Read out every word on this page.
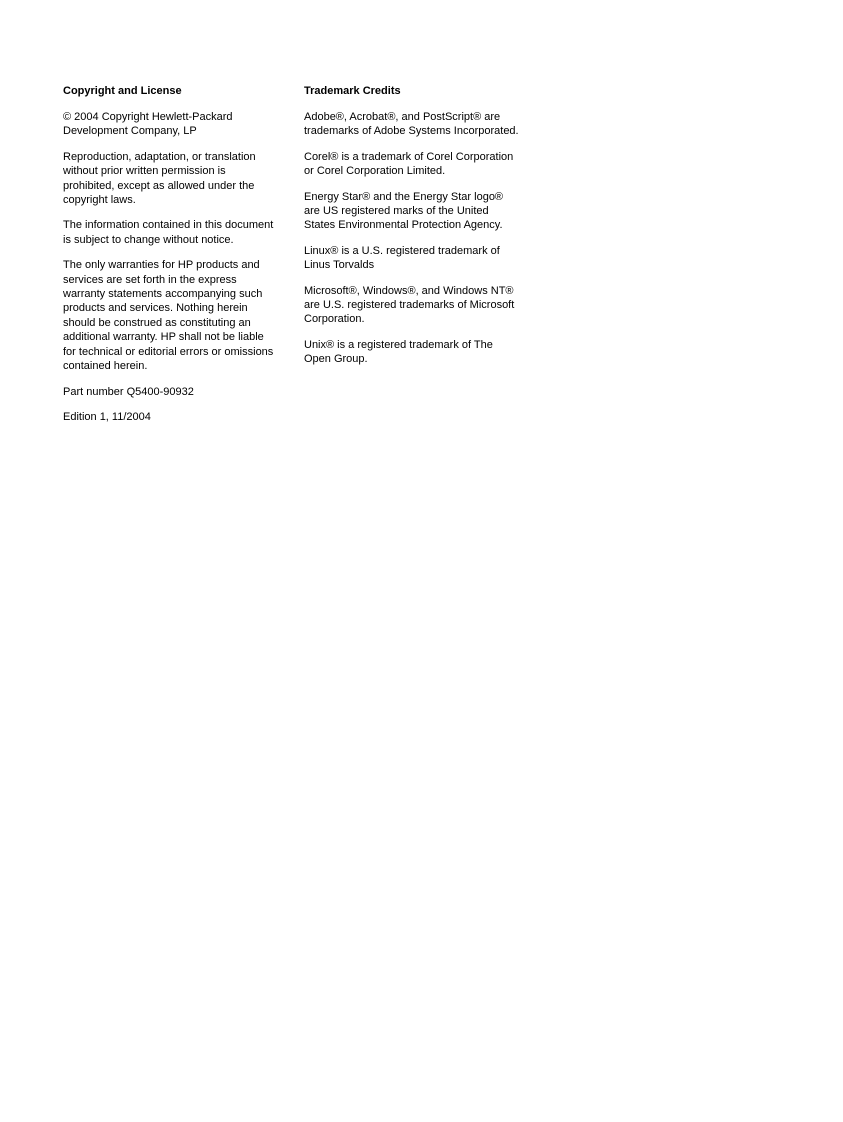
Copyright and License
© 2004 Copyright Hewlett-Packard
Development Company, LP
Reproduction, adaptation, or translation
without prior written permission is
prohibited, except as allowed under the
copyright laws.
The information contained in this document
is subject to change without notice.
The only warranties for HP products and
services are set forth in the express
warranty statements accompanying such
products and services. Nothing herein
should be construed as constituting an
additional warranty. HP shall not be liable
for technical or editorial errors or omissions
contained herein.
Part number Q5400-90932
Edition 1, 11/2004
Trademark Credits
Adobe®, Acrobat®, and PostScript® are
trademarks of Adobe Systems Incorporated.
Corel® is a trademark of Corel Corporation
or Corel Corporation Limited.
Energy Star® and the Energy Star logo®
are US registered marks of the United
States Environmental Protection Agency.
Linux® is a U.S. registered trademark of
Linus Torvalds
Microsoft®, Windows®, and Windows NT®
are U.S. registered trademarks of Microsoft
Corporation.
Unix® is a registered trademark of The
Open Group.
